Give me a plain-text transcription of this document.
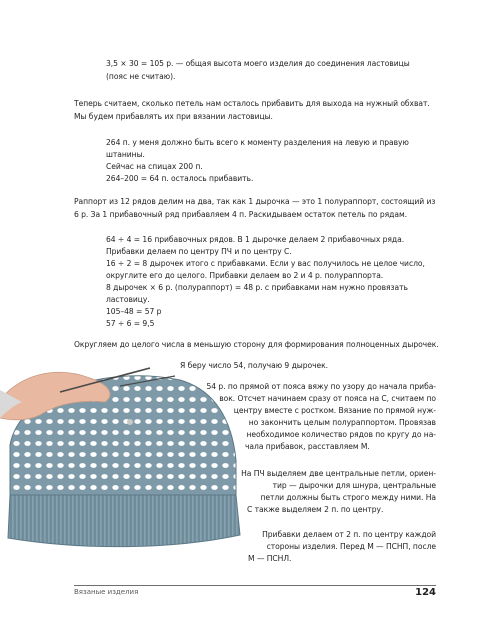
3,5 × 30 = 105 р. — общая высота моего изделия до соединения ластовицы (пояс не считаю).
Теперь считаем, сколько петель нам осталось прибавить для выхода на нужный обхват. Мы будем прибавлять их при вязании ластовицы.
264 п. у меня должно быть всего к моменту разделения на левую и правую
штанины.
Сейчас на спицах 200 п.
264–200 = 64 п. осталось прибавить.
Раппорт из 12 рядов делим на два, так как 1 дырочка — это 1 полураппорт, состоящий из 6 р. За 1 прибавочный ряд прибавляем 4 п. Раскидываем остаток петель по рядам.
64 ÷ 4 = 16 прибавочных рядов. В 1 дырочке делаем 2 прибавочных ряда.
Прибавки делаем по центру ПЧ и по центру С.
16 ÷ 2 = 8 дырочек итого с прибавками. Если у вас получилось не целое число,
округлите его до целого. Прибавки делаем во 2 и 4 р. полураппорта.
8 дырочек × 6 р. (полураппорт) = 48 р. с прибавками нам нужно провязать
ластовицу.
105–48 = 57 р
57 ÷ 6 = 9,5
Округляем до целого числа в меньшую сторону для формирования полноценных дырочек.
Я беру число 54, получаю 9 дырочек.
54 р. по прямой от пояса вяжу по узору до начала приба-
вок. Отсчет начинаем сразу от пояса на С, считаем по
центру вместе с ростком. Вязание по прямой нуж-
но закончить целым полураппортом. Провязав
необходимое количество рядов по кругу до на-
чала прибавок, расставляем М.
На ПЧ выделяем две центральные петли, ориен-
тир — дырочки для шнура, центральные
петли должны быть строго между ними. На
С также выделяем 2 п. по центру.
Прибавки делаем от 2 п. по центру каждой
стороны изделия. Перед М — ПСНП, после
М — ПСНЛ.
Вязаные изделия	124
